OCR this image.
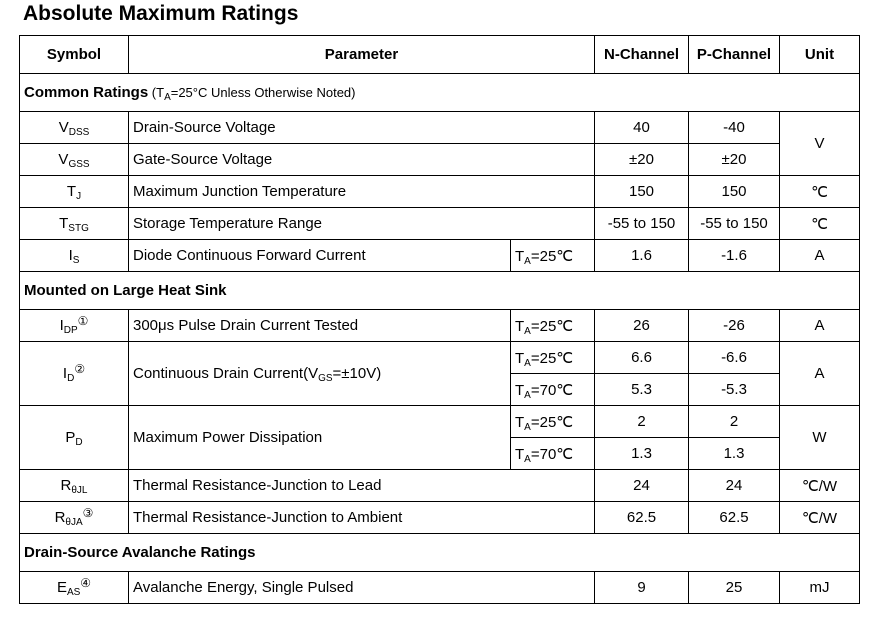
Absolute Maximum Ratings
Symbol	Parameter		N-Channel	P-Channel	Unit
Common Ratings ($T_A=25^\circ C$ Unless Otherwise Noted)					
$V_{DSS}$	Drain-Source Voltage		40	-40	V
$V_{GSS}$	Gate-Source Voltage		±20	±20	
$T_J$	Maximum Junction Temperature		150	150	℃
$T_{STG}$	Storage Temperature Range		-55 to 150	-55 to 150	℃
$I_S$	Diode Continuous Forward Current	$T_A=25℃$	1.6	-1.6	A
Mounted on Large Heat Sink					
$I_{DP}^①$	300μs Pulse Drain Current Tested	$T_A=25℃$	26	-26	A
$I_D^②$	Continuous Drain $Current(V_{GS}=\pm 10V)$	$T_A=25℃$	6.6	-6.6	A
		$T_A=70℃$	5.3	-5.3	
$P_D$	Maximum Power Dissipation	$T_A=25℃$	2	2	W
		$T_A=70℃$	1.3	1.3	
$R_{\theta JL}$	Thermal Resistance-Junction to Lead		24	24	℃/W
$R_{\theta JA}^③$	Thermal Resistance-Junction to Ambient		62.5	62.5	℃/W
Drain-Source Avalanche Ratings					
$E_{AS}^④$	Avalanche Energy, Single Pulsed		9	25	mJ
